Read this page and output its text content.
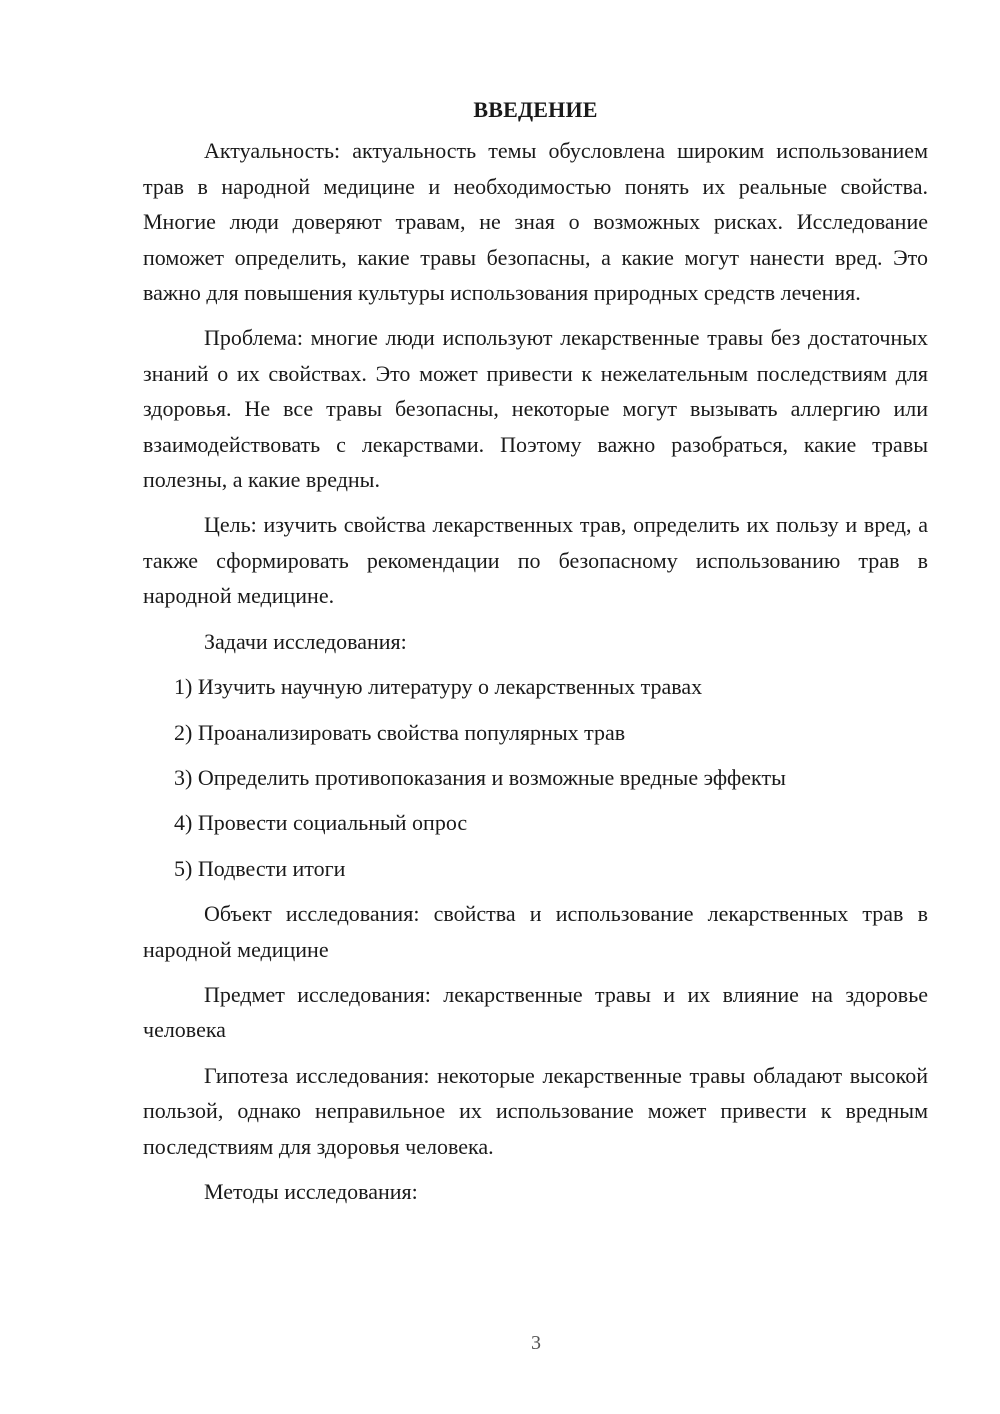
ВВЕДЕНИЕ

Актуальность: актуальность темы обусловлена широким использованием трав в народной медицине и необходимостью понять их реальные свойства. Многие люди доверяют травам, не зная о возможных рисках. Исследование поможет определить, какие травы безопасны, а какие могут нанести вред. Это важно для повышения культуры использования природных средств лечения.

Проблема: многие люди используют лекарственные травы без достаточных знаний о их свойствах. Это может привести к нежелательным последствиям для здоровья. Не все травы безопасны, некоторые могут вызывать аллергию или взаимодействовать с лекарствами. Поэтому важно разобраться, какие травы полезны, а какие вредны.

Цель: изучить свойства лекарственных трав, определить их пользу и вред, а также сформировать рекомендации по безопасному использованию трав в народной медицине.

Задачи исследования:

1) Изучить научную литературу о лекарственных травах
2) Проанализировать свойства популярных трав
3) Определить противопоказания и возможные вредные эффекты
4) Провести социальный опрос
5) Подвести итоги

Объект исследования: свойства и использование лекарственных трав в народной медицине

Предмет исследования: лекарственные травы и их влияние на здоровье человека

Гипотеза исследования: некоторые лекарственные травы обладают высокой пользой, однако неправильное их использование может привести к вредным последствиям для здоровья человека.

Методы исследования:

3
